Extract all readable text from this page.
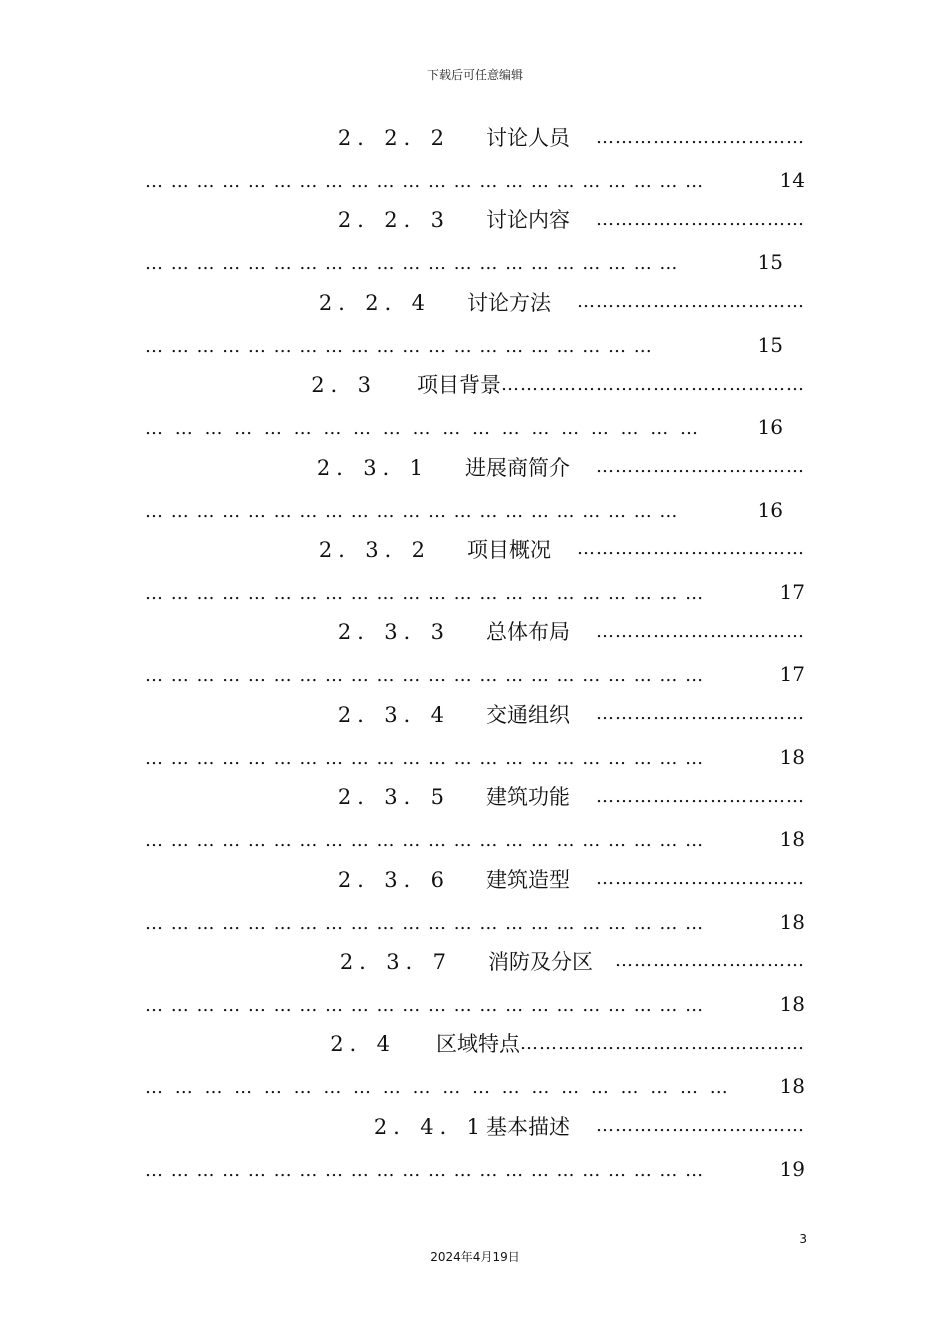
下载后可任意编辑
2．2．2 讨论人员 ……………………………
… … … … … … … … … … … … … … … … … … … … … …	14
2．2．3 讨论内容 ……………………………
… … … … … … … … … … … … … … … … … … … … …	15
2．2．4 讨论方法 ………………………………
… … … … … … … … … … … … … … … … … … … …	15
2．3 项目背景 …………………………………………
… … … … … … … … … … … … … … … … … … …	16
2．3．1 进展商简介 ……………………………
… … … … … … … … … … … … … … … … … … … … …	16
2．3．2 项目概况 ………………………………
… … … … … … … … … … … … … … … … … … … … … …	17
2．3．3 总体布局 ……………………………
… … … … … … … … … … … … … … … … … … … … … …	17
2．3．4 交通组织 ……………………………
… … … … … … … … … … … … … … … … … … … … … …	18
2．3．5 建筑功能 ……………………………
… … … … … … … … … … … … … … … … … … … … … …	18
2．3．6 建筑造型 ……………………………
… … … … … … … … … … … … … … … … … … … … … …	18
2．3．7 消防及分区 …………………………
… … … … … … … … … … … … … … … … … … … … … …	18
2．4 区域特点 ………………………………………
… … … … … … … … … … … … … … … … … … … … 18
2．4．1 基本描述 ……………………………
… … … … … … … … … … … … … … … … … … … … … …	19
3
2024年4月19日
